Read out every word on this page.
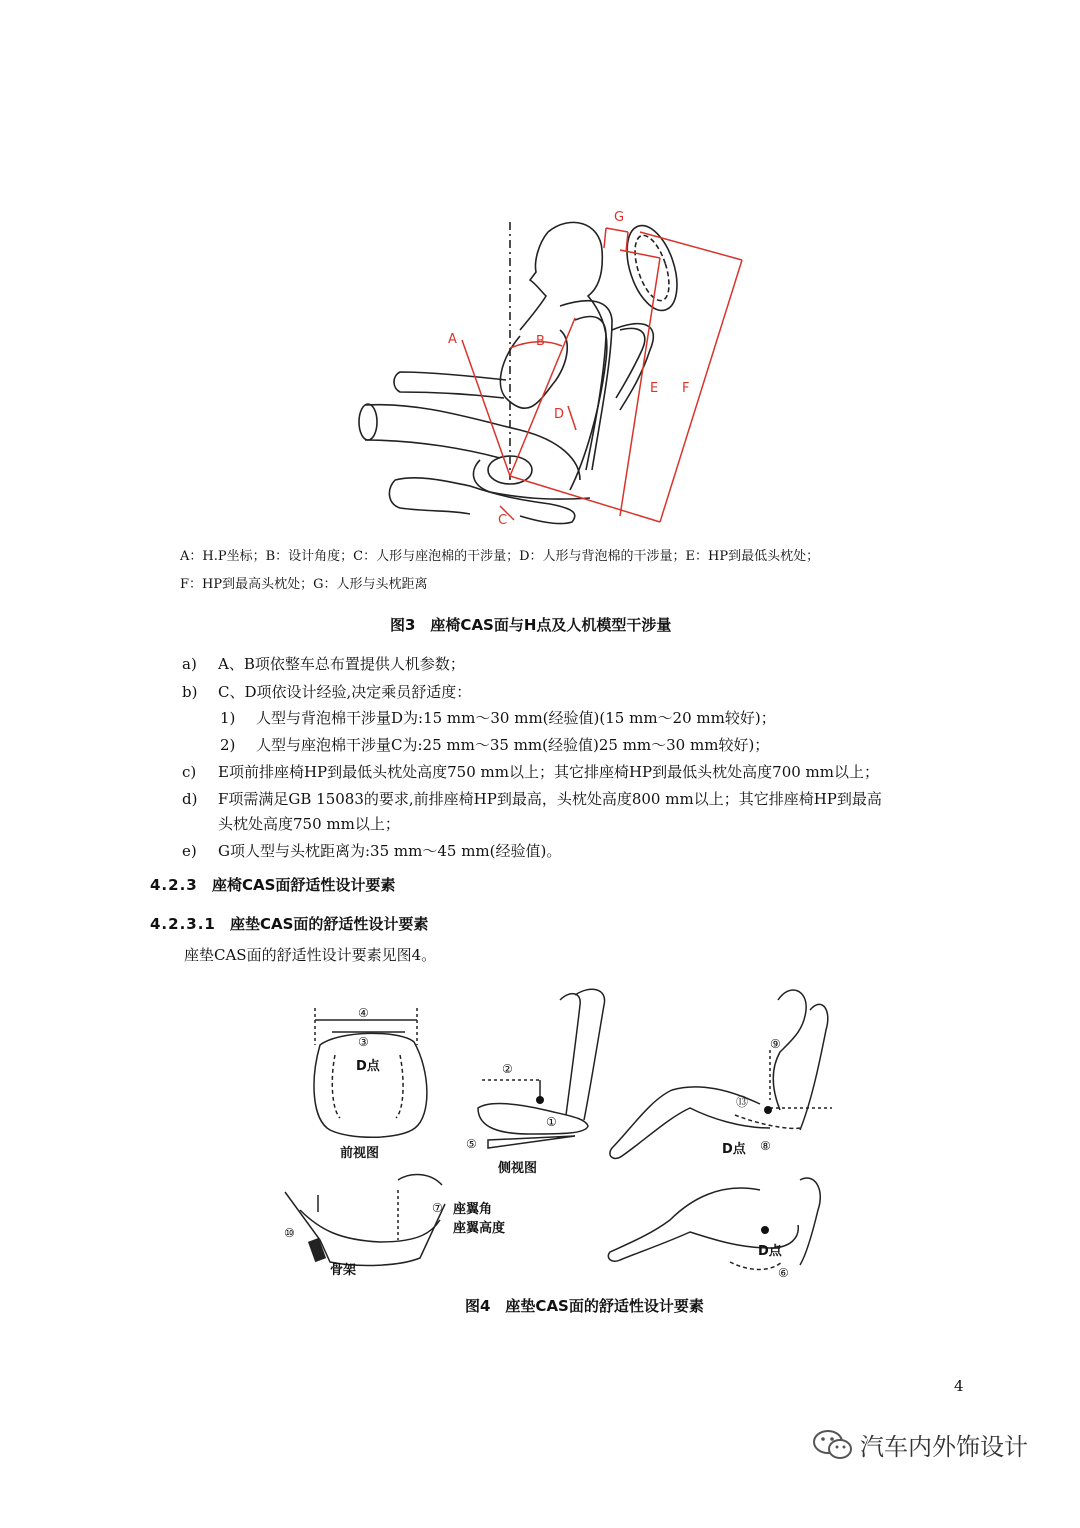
A	B
C
D
E F
G
A：H.P坐标；B：设计角度；C：人形与座泡棉的干涉量；D：人形与背泡棉的干涉量；E：HP到最低头枕处；
F：HP到最高头枕处；G：人形与头枕距离
图3　座椅CAS面与H点及人机模型干涉量
a) A、B项依整车总布置提供人机参数；
b) C、D项依设计经验,决定乘员舒适度：
1) 人型与背泡棉干涉量D为:15 mm～30 mm(经验值)(15 mm～20 mm较好)；
2) 人型与座泡棉干涉量C为:25 mm～35 mm(经验值)25 mm～30 mm较好)；
c) E项前排座椅HP到最低头枕处高度750 mm以上；其它排座椅HP到最低头枕处高度700 mm以上；
d) F项需满足GB 15083的要求,前排座椅HP到最高，头枕处高度800 mm以上；其它排座椅HP到最高
头枕处高度750 mm以上；
e) G项人型与头枕距离为:35 mm～45 mm(经验值)。
4.2.3 座椅CAS面舒适性设计要素
4.2.3.1 座垫CAS面的舒适性设计要素
座垫CAS面的舒适性设计要素见图4。
前视图
侧视图
D点
D点
D点
座翼角
座翼高度
骨架
④
③
②
①
⑤
⑨
⑬
⑧
⑦
⑩
⑥
图4　座垫CAS面的舒适性设计要素
4
汽车内外饰设计
